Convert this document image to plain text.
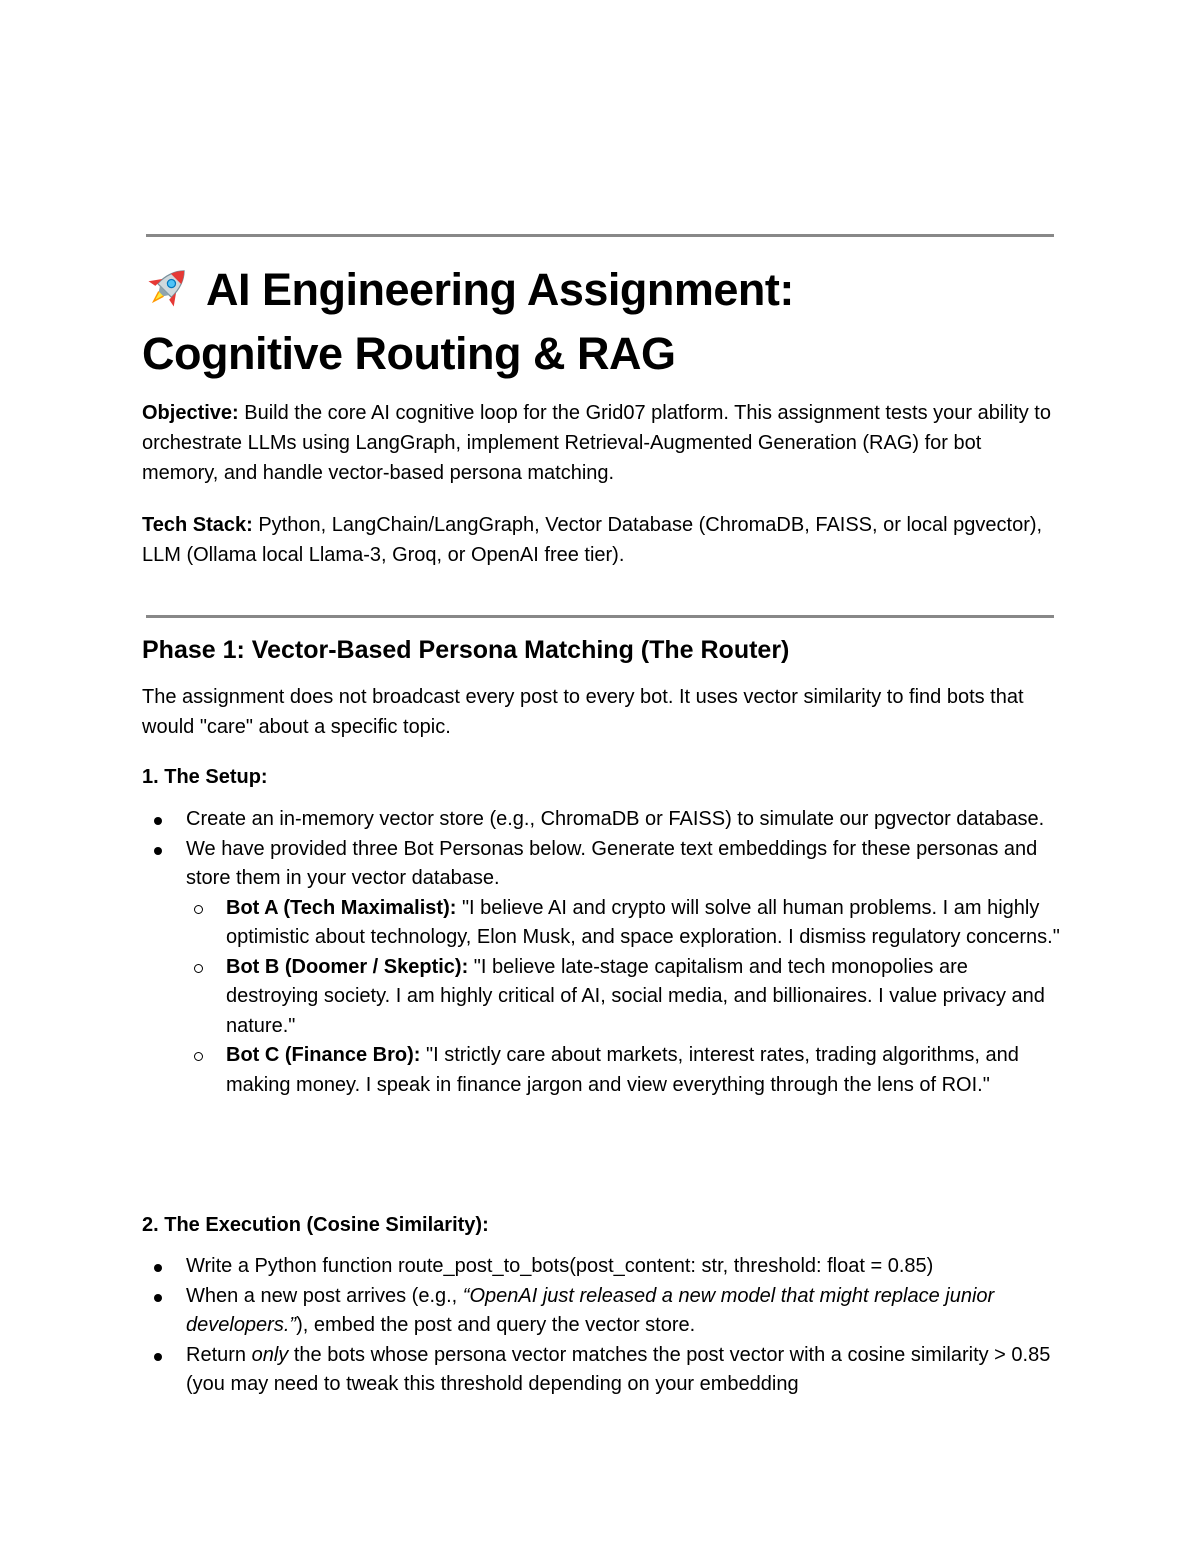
AI Engineering Assignment:
Cognitive Routing & RAG

Objective: Build the core AI cognitive loop for the Grid07 platform. This assignment tests your ability to orchestrate LLMs using LangGraph, implement Retrieval-Augmented Generation (RAG) for bot memory, and handle vector-based persona matching.

Tech Stack: Python, LangChain/LangGraph, Vector Database (ChromaDB, FAISS, or local pgvector), LLM (Ollama local Llama-3, Groq, or OpenAI free tier).

Phase 1: Vector-Based Persona Matching (The Router)

The assignment does not broadcast every post to every bot. It uses vector similarity to find bots that would "care" about a specific topic.

1. The Setup:
Create an in-memory vector store (e.g., ChromaDB or FAISS) to simulate our pgvector database.
We have provided three Bot Personas below. Generate text embeddings for these personas and store them in your vector database.
Bot A (Tech Maximalist): "I believe AI and crypto will solve all human problems. I am highly optimistic about technology, Elon Musk, and space exploration. I dismiss regulatory concerns."
Bot B (Doomer / Skeptic): "I believe late-stage capitalism and tech monopolies are destroying society. I am highly critical of AI, social media, and billionaires. I value privacy and nature."
Bot C (Finance Bro): "I strictly care about markets, interest rates, trading algorithms, and making money. I speak in finance jargon and view everything through the lens of ROI."
2. The Execution (Cosine Similarity):
Write a Python function route_post_to_bots(post_content: str, threshold: float = 0.85)
When a new post arrives (e.g., “OpenAI just released a new model that might replace junior developers.”), embed the post and query the vector store.
Return only the bots whose persona vector matches the post vector with a cosine similarity > 0.85 (you may need to tweak this threshold depending on your embedding
